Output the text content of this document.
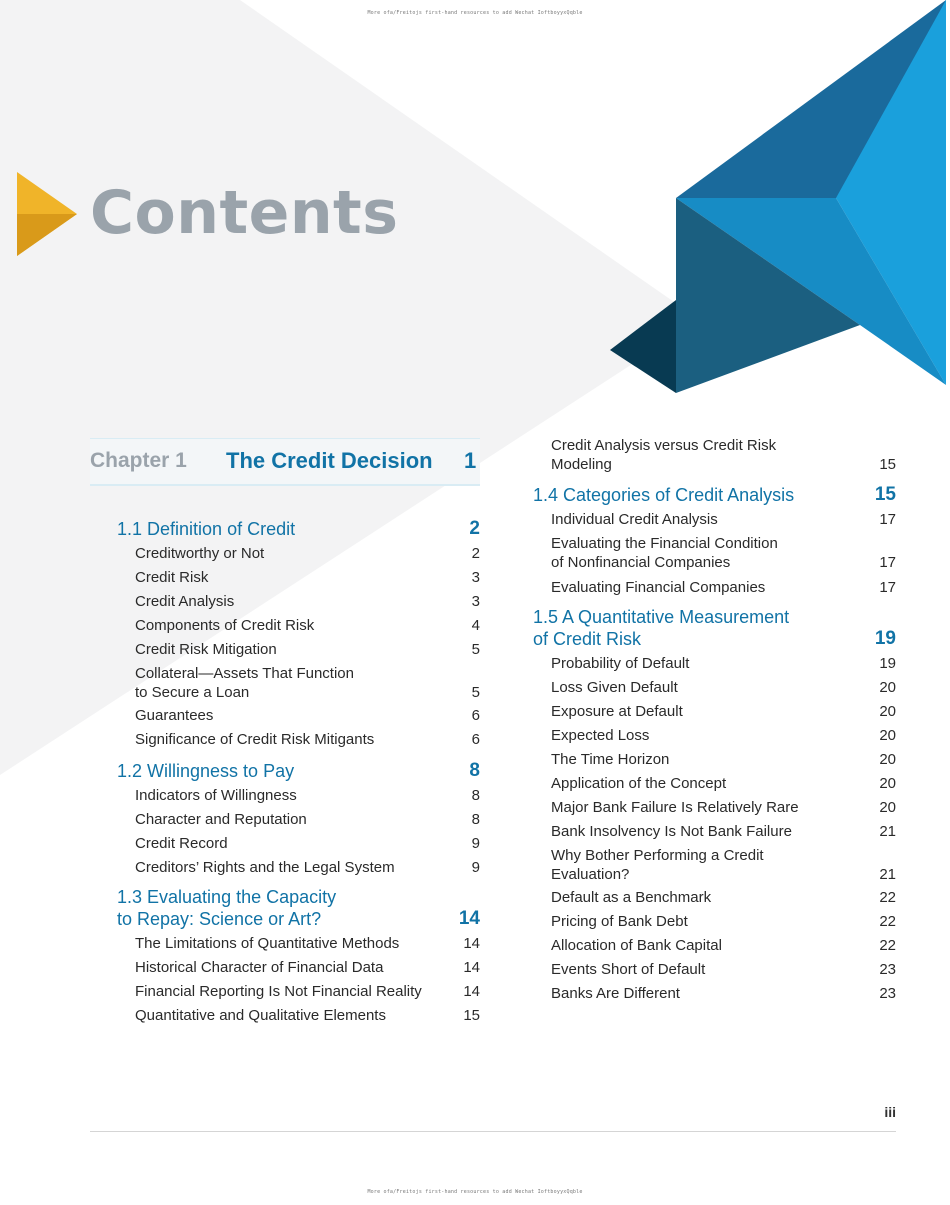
More ofa/Freitojs first-hand resources to add Wechat IoftboyyxQqble
Contents
Chapter 1 The Credit Decision 1
1.1 Definition of Credit	2
Creditworthy or Not	2
Credit Risk	3
Credit Analysis	3
Components of Credit Risk	4
Credit Risk Mitigation	5
Collateral—Assets That Function
to Secure a Loan	5
Guarantees	6
Significance of Credit Risk Mitigants	6
1.2 Willingness to Pay	8
Indicators of Willingness	8
Character and Reputation	8
Credit Record	9
Creditors’ Rights and the Legal System	9
1.3 Evaluating the Capacity
to Repay: Science or Art?	14
The Limitations of Quantitative Methods	14
Historical Character of Financial Data	14
Financial Reporting Is Not Financial Reality	14
Quantitative and Qualitative Elements	15
Credit Analysis versus Credit Risk
Modeling	15
1.4 Categories of Credit Analysis	15
Individual Credit Analysis	17
Evaluating the Financial Condition
of Nonfinancial Companies	17
Evaluating Financial Companies	17
1.5 A Quantitative Measurement
of Credit Risk	19
Probability of Default	19
Loss Given Default	20
Exposure at Default	20
Expected Loss	20
The Time Horizon	20
Application of the Concept	20
Major Bank Failure Is Relatively Rare	20
Bank Insolvency Is Not Bank Failure	21
Why Bother Performing a Credit
Evaluation?	21
Default as a Benchmark	22
Pricing of Bank Debt	22
Allocation of Bank Capital	22
Events Short of Default	23
Banks Are Different	23
iii
More ofa/Freitojs first-hand resources to add Wechat IoftboyyxQqble
